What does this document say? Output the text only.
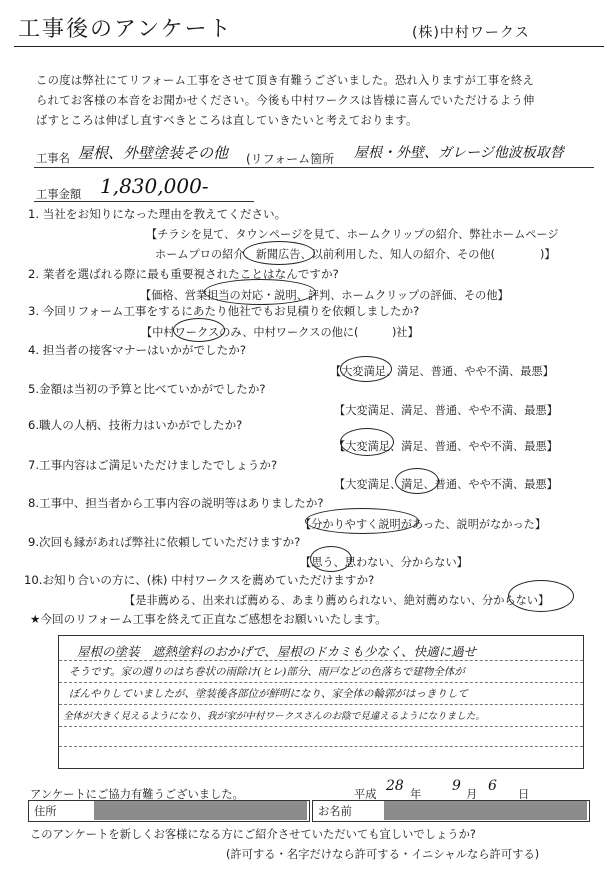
工事後のアンケート	(株)中村ワークス
この度は弊社にてリフォーム工事をさせて頂き有難うございました。恐れ入りますが工事を終え
られてお客様の本音をお聞かせください。今後も中村ワークスは皆様に喜んでいただけるよう伸
ばすところは伸ばし直すべきところは直していきたいと考えております。
工事名 屋根、外壁塗装その他 (リフォーム箇所 屋根・外壁、ガレージ他波板取替
工事金額 1,830,000-
1. 当社をお知りになった理由を教えてください。
【チラシを見て、タウンページを見て、ホームクリップの紹介、弊社ホームページ
ホームプロの紹介、新聞広告、以前利用した、知人の紹介、その他(	)】
2. 業者を選ばれる際に最も重要視されたことはなんですか?
【価格、営業担当の対応・説明、評判、ホームクリップの評価、その他】
3. 今回リフォーム工事をするにあたり他社でもお見積りを依頼しましたか?
【中村ワークスのみ、中村ワークスの他に(　　　)社】
4. 担当者の接客マナーはいかがでしたか?
【大変満足、満足、普通、やや不満、最悪】
5.金額は当初の予算と比べていかがでしたか?
【大変満足、満足、普通、やや不満、最悪】
6.職人の人柄、技術力はいかがでしたか?
【大変満足、満足、普通、やや不満、最悪】
7.工事内容はご満足いただけましたでしょうか?
【大変満足、満足、普通、やや不満、最悪】
8.工事中、担当者から工事内容の説明等はありましたか?
【分かりやすく説明があった、説明がなかった】
9.次回も縁があれば弊社に依頼していただけますか?
【思う、思わない、分からない】
10.お知り合いの方に、(株) 中村ワークスを薦めていただけますか?
【是非薦める、出来れば薦める、あまり薦められない、絶対薦めない、分からない】
★今回のリフォーム工事を終えて正直なご感想をお願いいたします。
屋根の塗装　遮熱塗料のおかげで、屋根のドカミも少なく、快適に過せ
そうです。家の週りのはち巻状の雨除け(ヒレ)部分、雨戸などの色落ちで建物全体が
ぼんやりしていましたが、塗装後各部位が鮮明になり、家全体の輪郭がはっきりして
全体が大きく見えるようになり、我が家が中村ワークスさんのお陰で見違えるようになりました。
アンケートにご協力有難うございました。	平成
28
年
9
月
6
日
住所	お名前
このアンケートを新しくお客様になる方にご紹介させていただいても宜しいでしょうか?
(許可する・名字だけなら許可する・イニシャルなら許可する)
